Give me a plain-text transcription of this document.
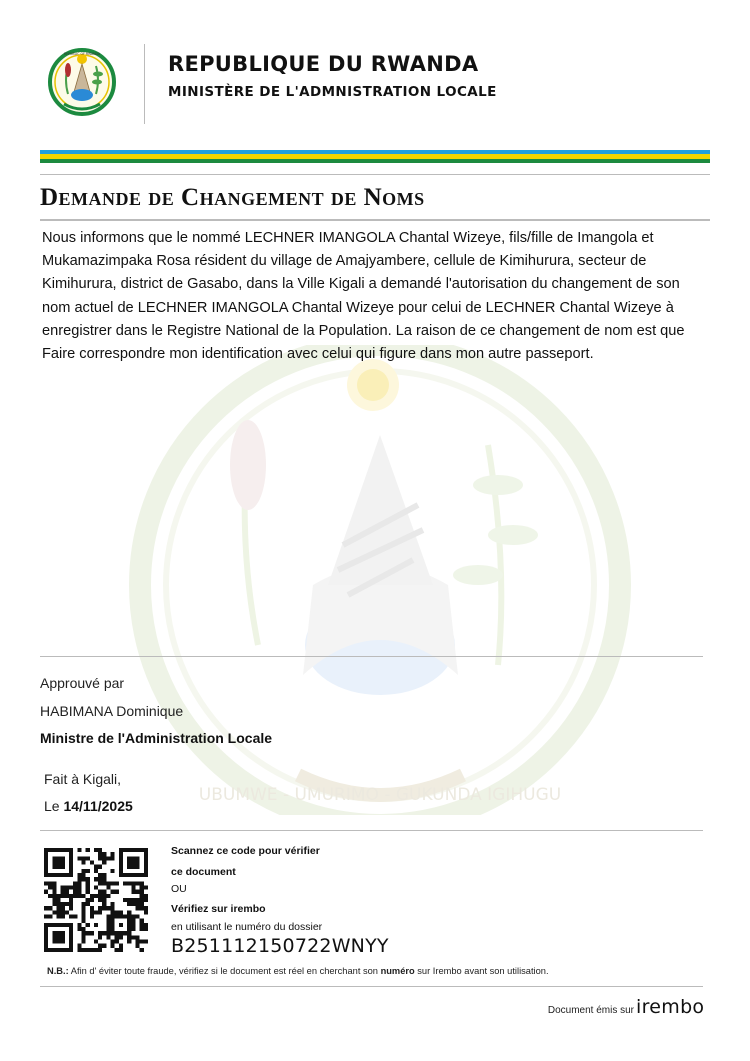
UBUMWE - UMURIMO - GUKUNDA IGIHUGU
REPUBLIC OF RWANDA	REPUBLIQUE DU RWANDA
MINISTÈRE DE L'ADMNISTRATION LOCALE
Demande de Changement de Noms

Nous informons que le nommé LECHNER IMANGOLA Chantal Wizeye, fils/fille de Imangola et Mukamazimpaka Rosa résident du village de Amajyambere, cellule de Kimihurura, secteur de Kimihurura, district de Gasabo, dans la Ville Kigali a demandé l'autorisation du changement de son nom actuel de LECHNER IMANGOLA Chantal Wizeye pour celui de LECHNER Chantal Wizeye à enregistrer dans le Registre National de la Population. La raison de ce changement de nom est que Faire correspondre mon identification avec celui qui figure dans mon autre passeport.

Approuvé par
HABIMANA Dominique
Ministre de l'Administration Locale
Fait à Kigali,
Le 14/11/2025
Scannez ce code pour vérifier
ce document
OU
Vérifiez sur irembo
en utilisant le numéro du dossier
B251112150722WNYY
N.B.: Afin d' éviter toute fraude, vérifiez si le document est réel en cherchant son numéro sur Irembo avant son utilisation.
Document émis sur irembo
